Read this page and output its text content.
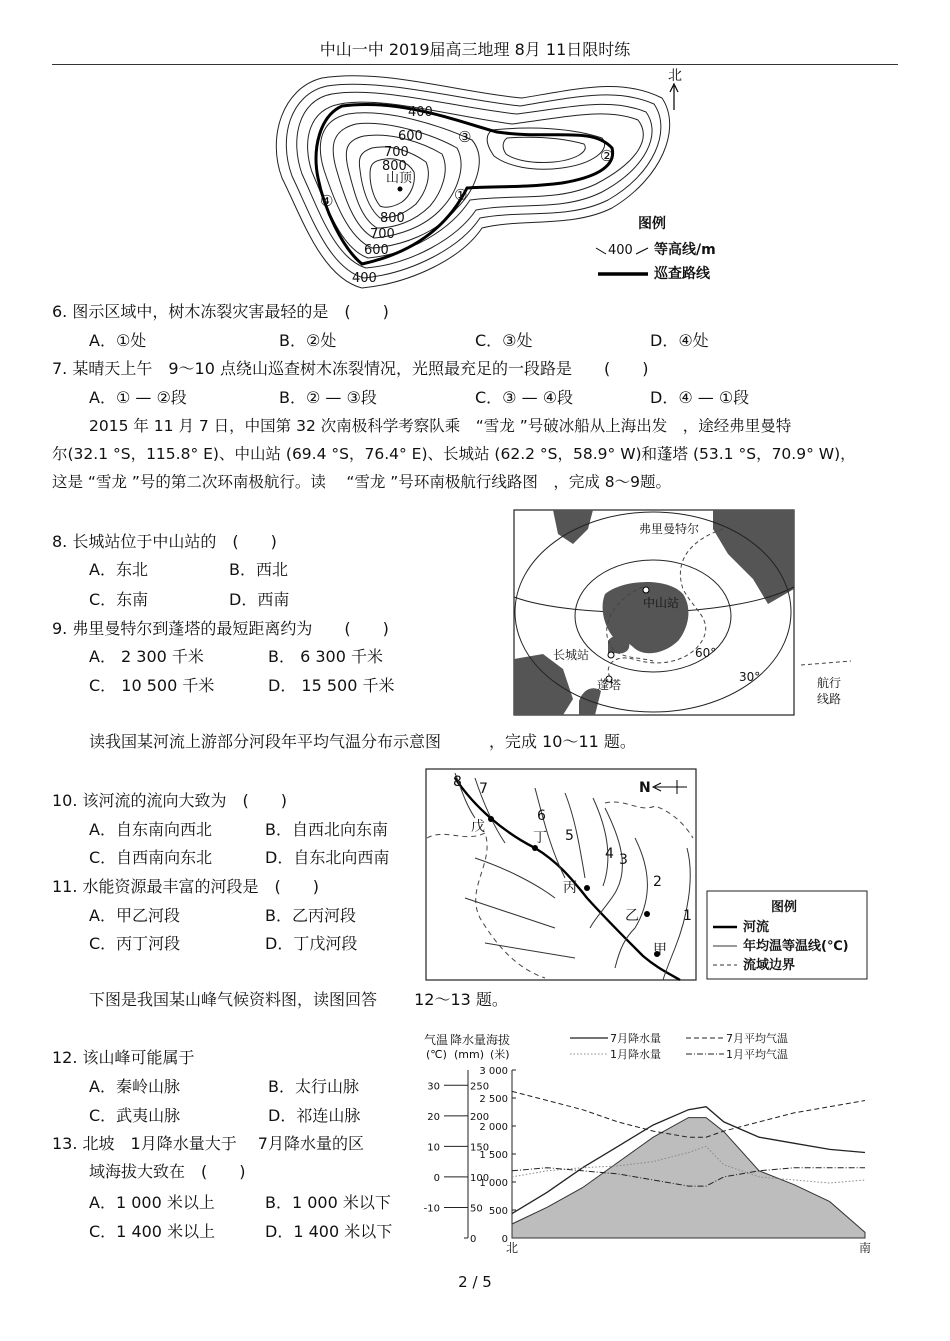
中山一中 2019届高三地理 8月 11日限时练
400
600
700
800
山顶
800
700
600
400
③
②
①
④
北
图例
400 等高线/m
巡查路线
6. 图示区域中，树木冻裂灾害最轻的是　(　　)
A．①处	B．②处	C．③处	D．④处
7. 某晴天上午　9～10 点绕山巡查树木冻裂情况，光照最充足的一段路是　　(　　)
A．① — ②段	B．② — ③段	C．③ — ④段	D．④ — ①段
2015 年 11 月 7 日，中国第 32 次南极科学考察队乘　“雪龙 ”号破冰船从上海出发　，途经弗里曼特
尔(32.1 °S，115.8° E)、中山站 (69.4 °S，76.4° E)、长城站 (62.2 °S，58.9° W)和蓬塔 (53.1 °S，70.9° W)，
这是 “雪龙 ”号的第二次环南极航行。读　 “雪龙 ”号环南极航行线路图　，完成 8～9题。
8. 长城站位于中山站的　(　　)
A．东北	B．西北
C．东南	D．西南
9. 弗里曼特尔到蓬塔的最短距离约为　　(　　)
A． 2 300 千米	B． 6 300 千米
C． 10 500 千米	D． 15 500 千米
弗里曼特尔
中山站
长城站
蓬塔
60°
30°	航行
线路
读我国某河流上游部分河段年平均气温分布示意图　　　，完成 10～11 题。
10. 该河流的流向大致为　(　　)
A．自东南向西北	B．自西北向东南
C．自西南向东北	D．自东北向西南
11. 水能资源最丰富的河段是　(　　)
A．甲乙河段	B．乙丙河段
C．丙丁河段	D．丁戊河段
1
2
3
4
5
6
7
8
戊
丁
丙
乙
甲
N
图例
河流
年均温等温线(℃)
流域边界
下图是我国某山峰气候资料图，读图回答　　 12～13 题。
12. 该山峰可能属于
A．秦岭山脉	B．太行山脉
C．武夷山脉	D．祁连山脉
13. 北坡　1月降水量大于　 7月降水量的区
域海拔大致在　(　　)
A．1 000 米以上	B．1 000 米以下
C．1 400 米以上	D．1 400 米以下
气温 降水量 海拔
(℃) (mm) (米)
3 000
2 500
2 000
1 500
1 000
500
0
250
200
150
100
50
0
30
20
10
0
-10
北	南
7月降水量
1月降水量
7月平均气温
1月平均气温
2 / 5
